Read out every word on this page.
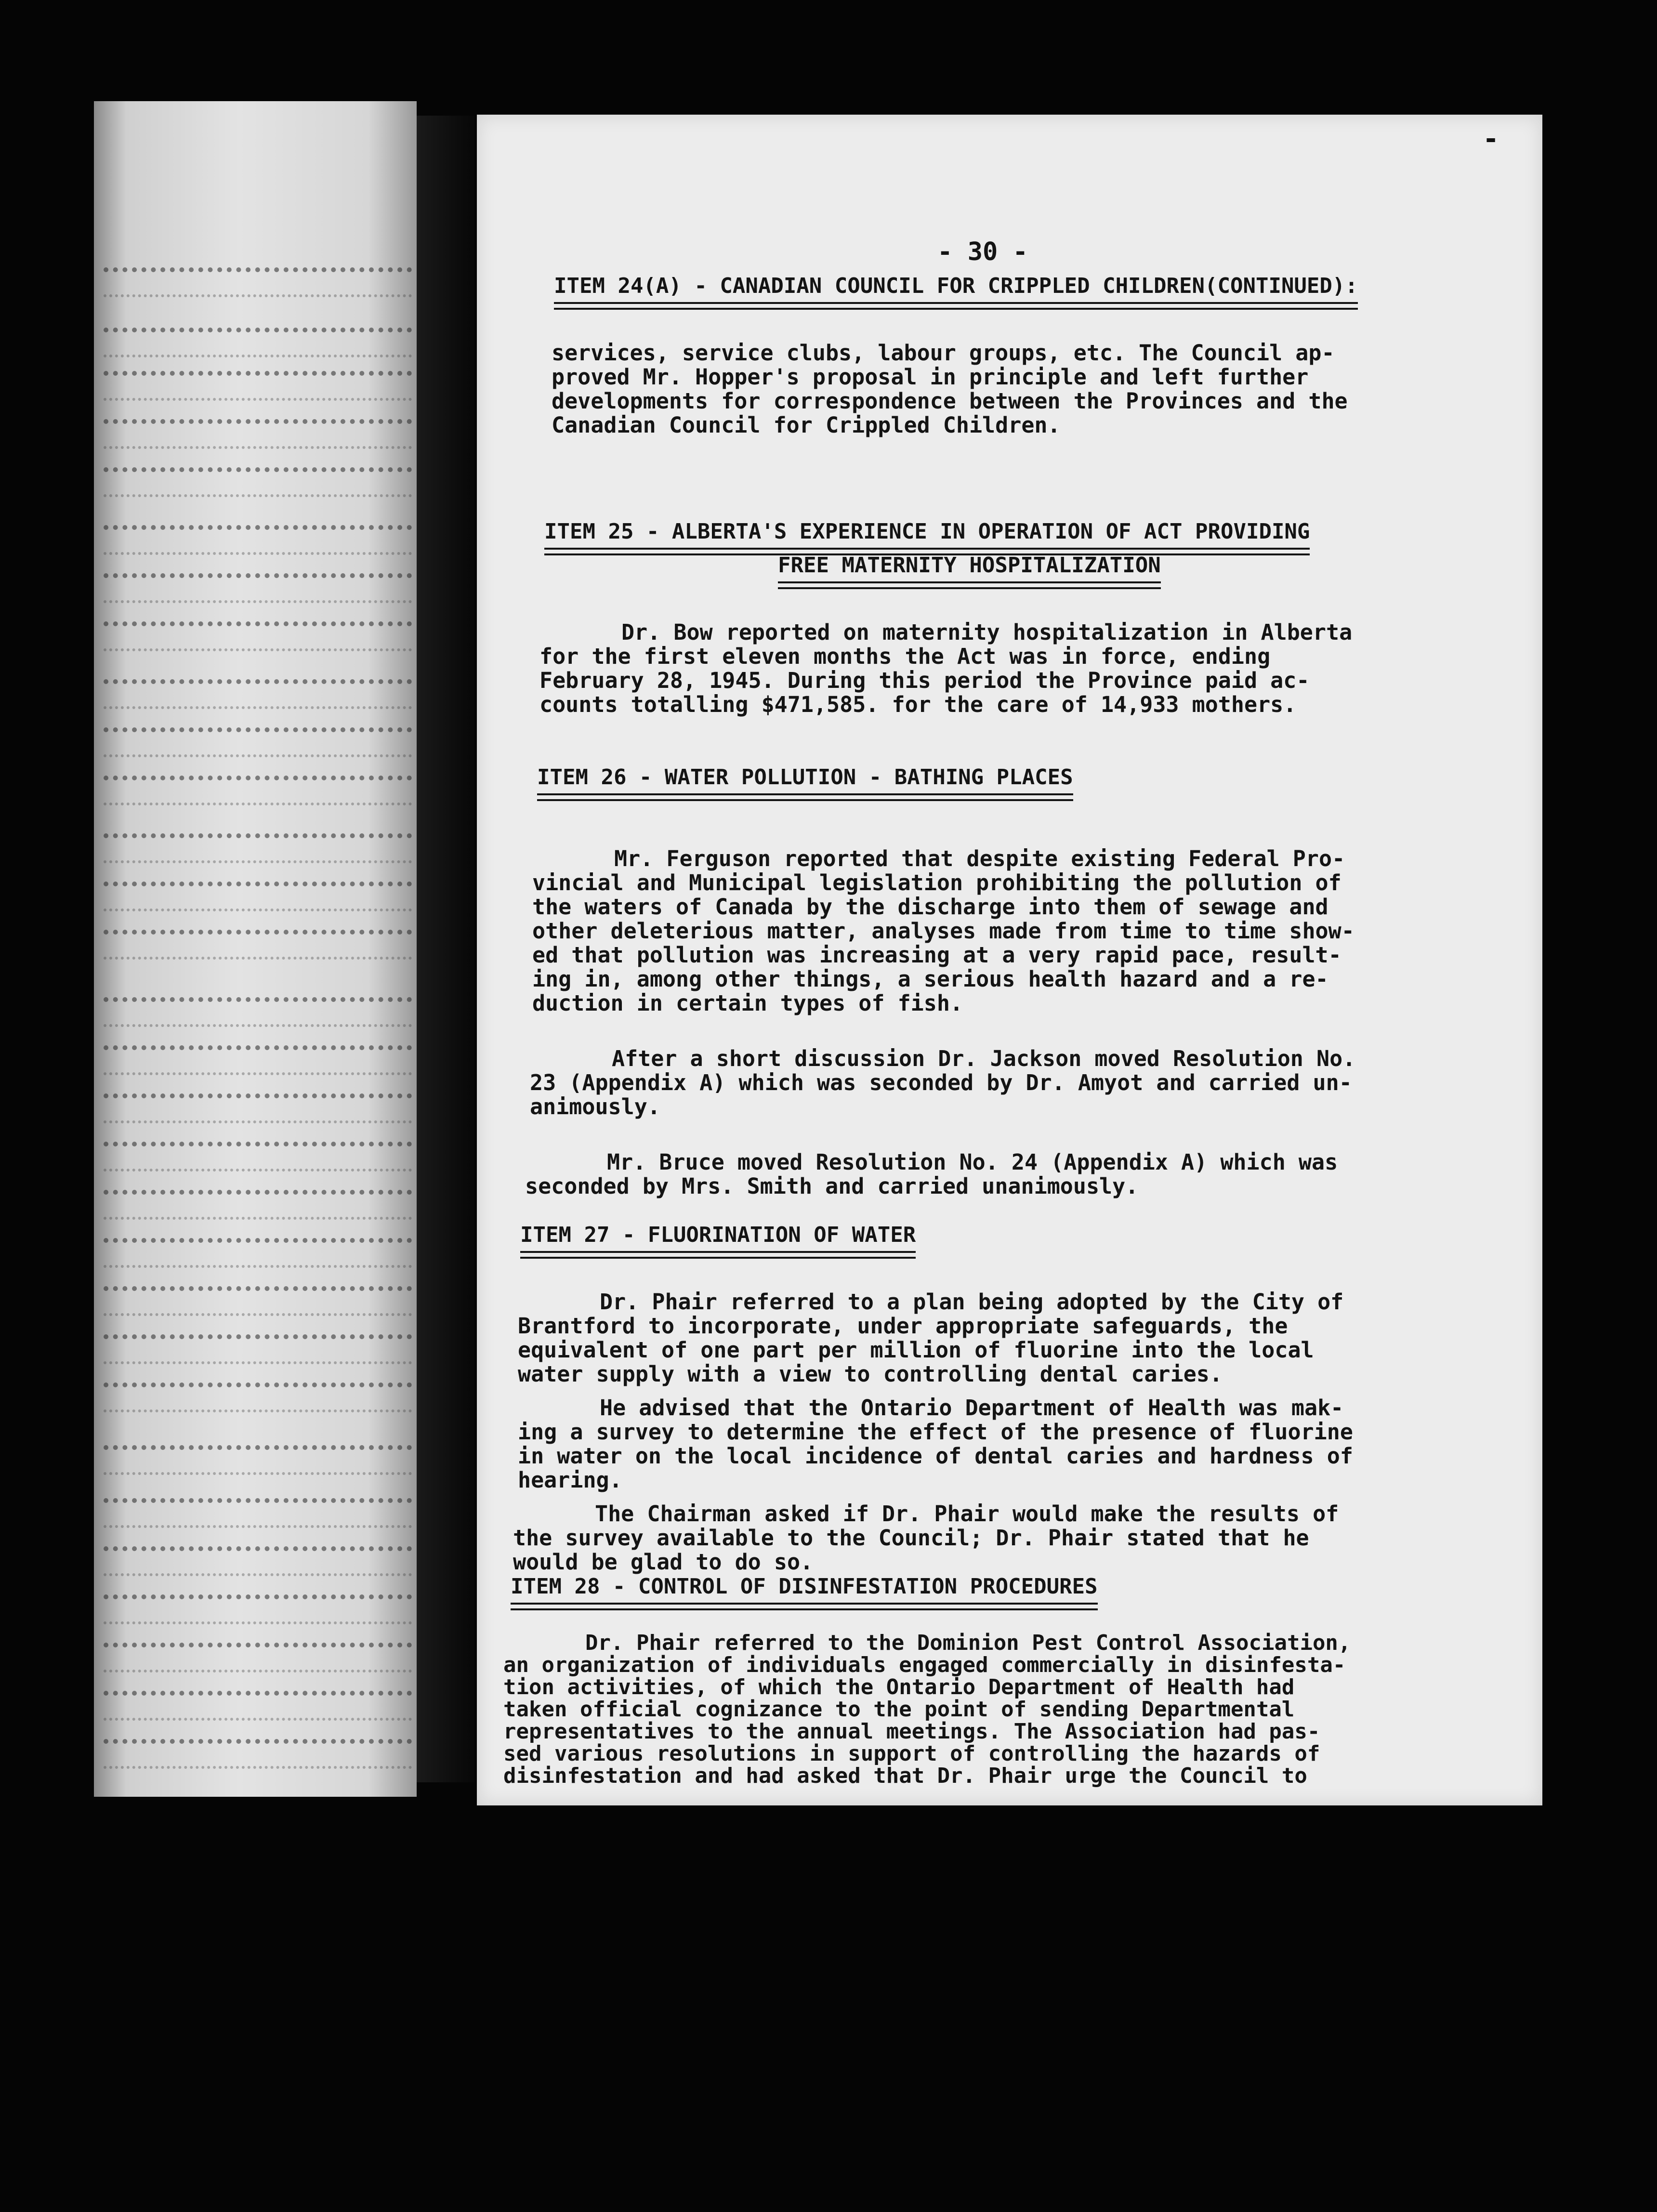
-
- 30 -
ITEM 24(A) - CANADIAN COUNCIL FOR CRIPPLED CHILDREN(CONTINUED):

services, service clubs, labour groups, etc. The Council ap-

proved Mr. Hopper's proposal in principle and left further

developments for correspondence between the Provinces and the

Canadian Council for Crippled Children.

ITEM 25 - ALBERTA'S EXPERIENCE IN OPERATION OF ACT PROVIDING
FREE MATERNITY HOSPITALIZATION

Dr. Bow reported on maternity hospitalization in Alberta

for the first eleven months the Act was in force, ending

February 28, 1945. During this period the Province paid ac-

counts totalling $471,585. for the care of 14,933 mothers.

ITEM 26 - WATER POLLUTION - BATHING PLACES

Mr. Ferguson reported that despite existing Federal Pro-

vincial and Municipal legislation prohibiting the pollution of

the waters of Canada by the discharge into them of sewage and

other deleterious matter, analyses made from time to time show-

ed that pollution was increasing at a very rapid pace, result-

ing in, among other things, a serious health hazard and a re-

duction in certain types of fish.

After a short discussion Dr. Jackson moved Resolution No.

23 (Appendix A) which was seconded by Dr. Amyot and carried un-

animously.

Mr. Bruce moved Resolution No. 24 (Appendix A) which was

seconded by Mrs. Smith and carried unanimously.

ITEM 27 - FLUORINATION OF WATER

Dr. Phair referred to a plan being adopted by the City of

Brantford to incorporate, under appropriate safeguards, the

equivalent of one part per million of fluorine into the local

water supply with a view to controlling dental caries.

He advised that the Ontario Department of Health was mak-

ing a survey to determine the effect of the presence of fluorine

in water on the local incidence of dental caries and hardness of

hearing.

The Chairman asked if Dr. Phair would make the results of

the survey available to the Council; Dr. Phair stated that he

would be glad to do so.

ITEM 28 - CONTROL OF DISINFESTATION PROCEDURES

Dr. Phair referred to the Dominion Pest Control Association,

an organization of individuals engaged commercially in disinfesta-

tion activities, of which the Ontario Department of Health had

taken official cognizance to the point of sending Departmental

representatives to the annual meetings. The Association had pas-

sed various resolutions in support of controlling the hazards of

disinfestation and had asked that Dr. Phair urge the Council to
